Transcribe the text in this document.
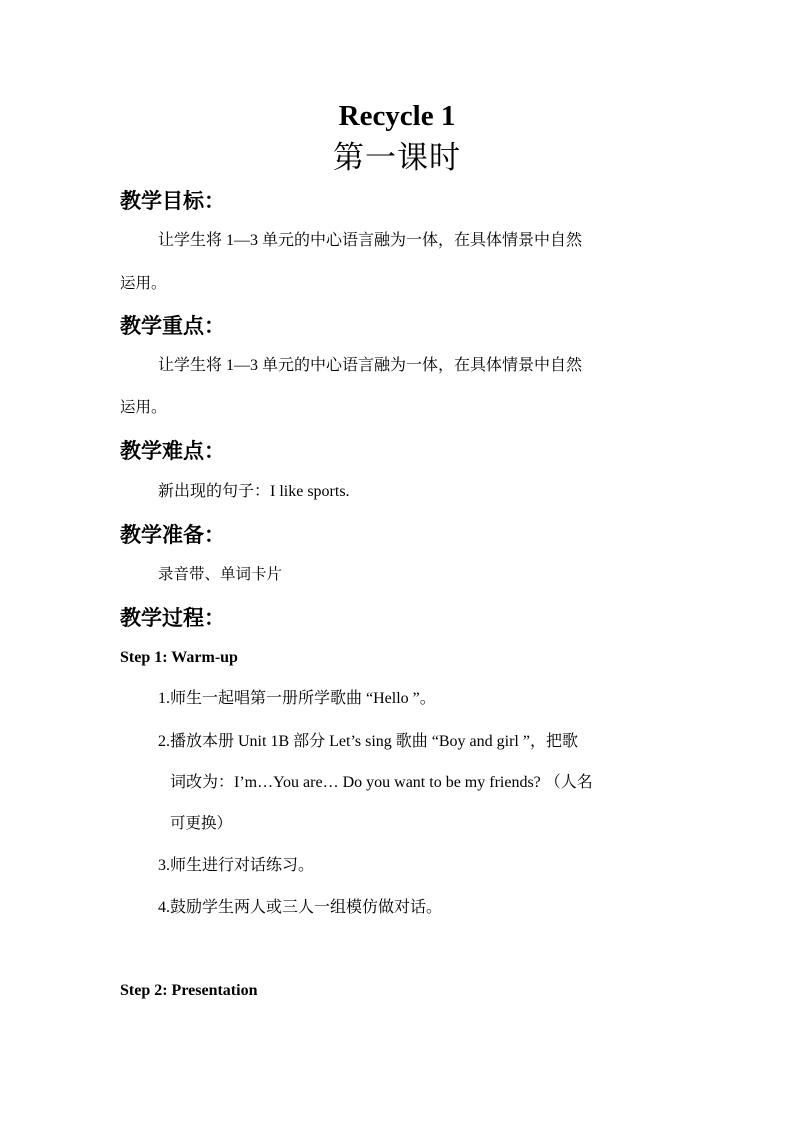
Recycle 1
第一课时
教学目标：
让学生将 1—3 单元的中心语言融为一体，在具体情景中自然
运用。
教学重点：
让学生将 1—3 单元的中心语言融为一体，在具体情景中自然
运用。
教学难点：
新出现的句子：I like sports.
教学准备：
录音带、单词卡片
教学过程：
Step 1: Warm-up
1.师生一起唱第一册所学歌曲 “Hello ”。
2.播放本册 Unit 1B 部分 Let’s sing 歌曲 “Boy and girl ”，把歌
词改为：I’m…You are… Do you want to be my friends? （人名
可更换）
3.师生进行对话练习。
4.鼓励学生两人或三人一组模仿做对话。
Step 2: Presentation
